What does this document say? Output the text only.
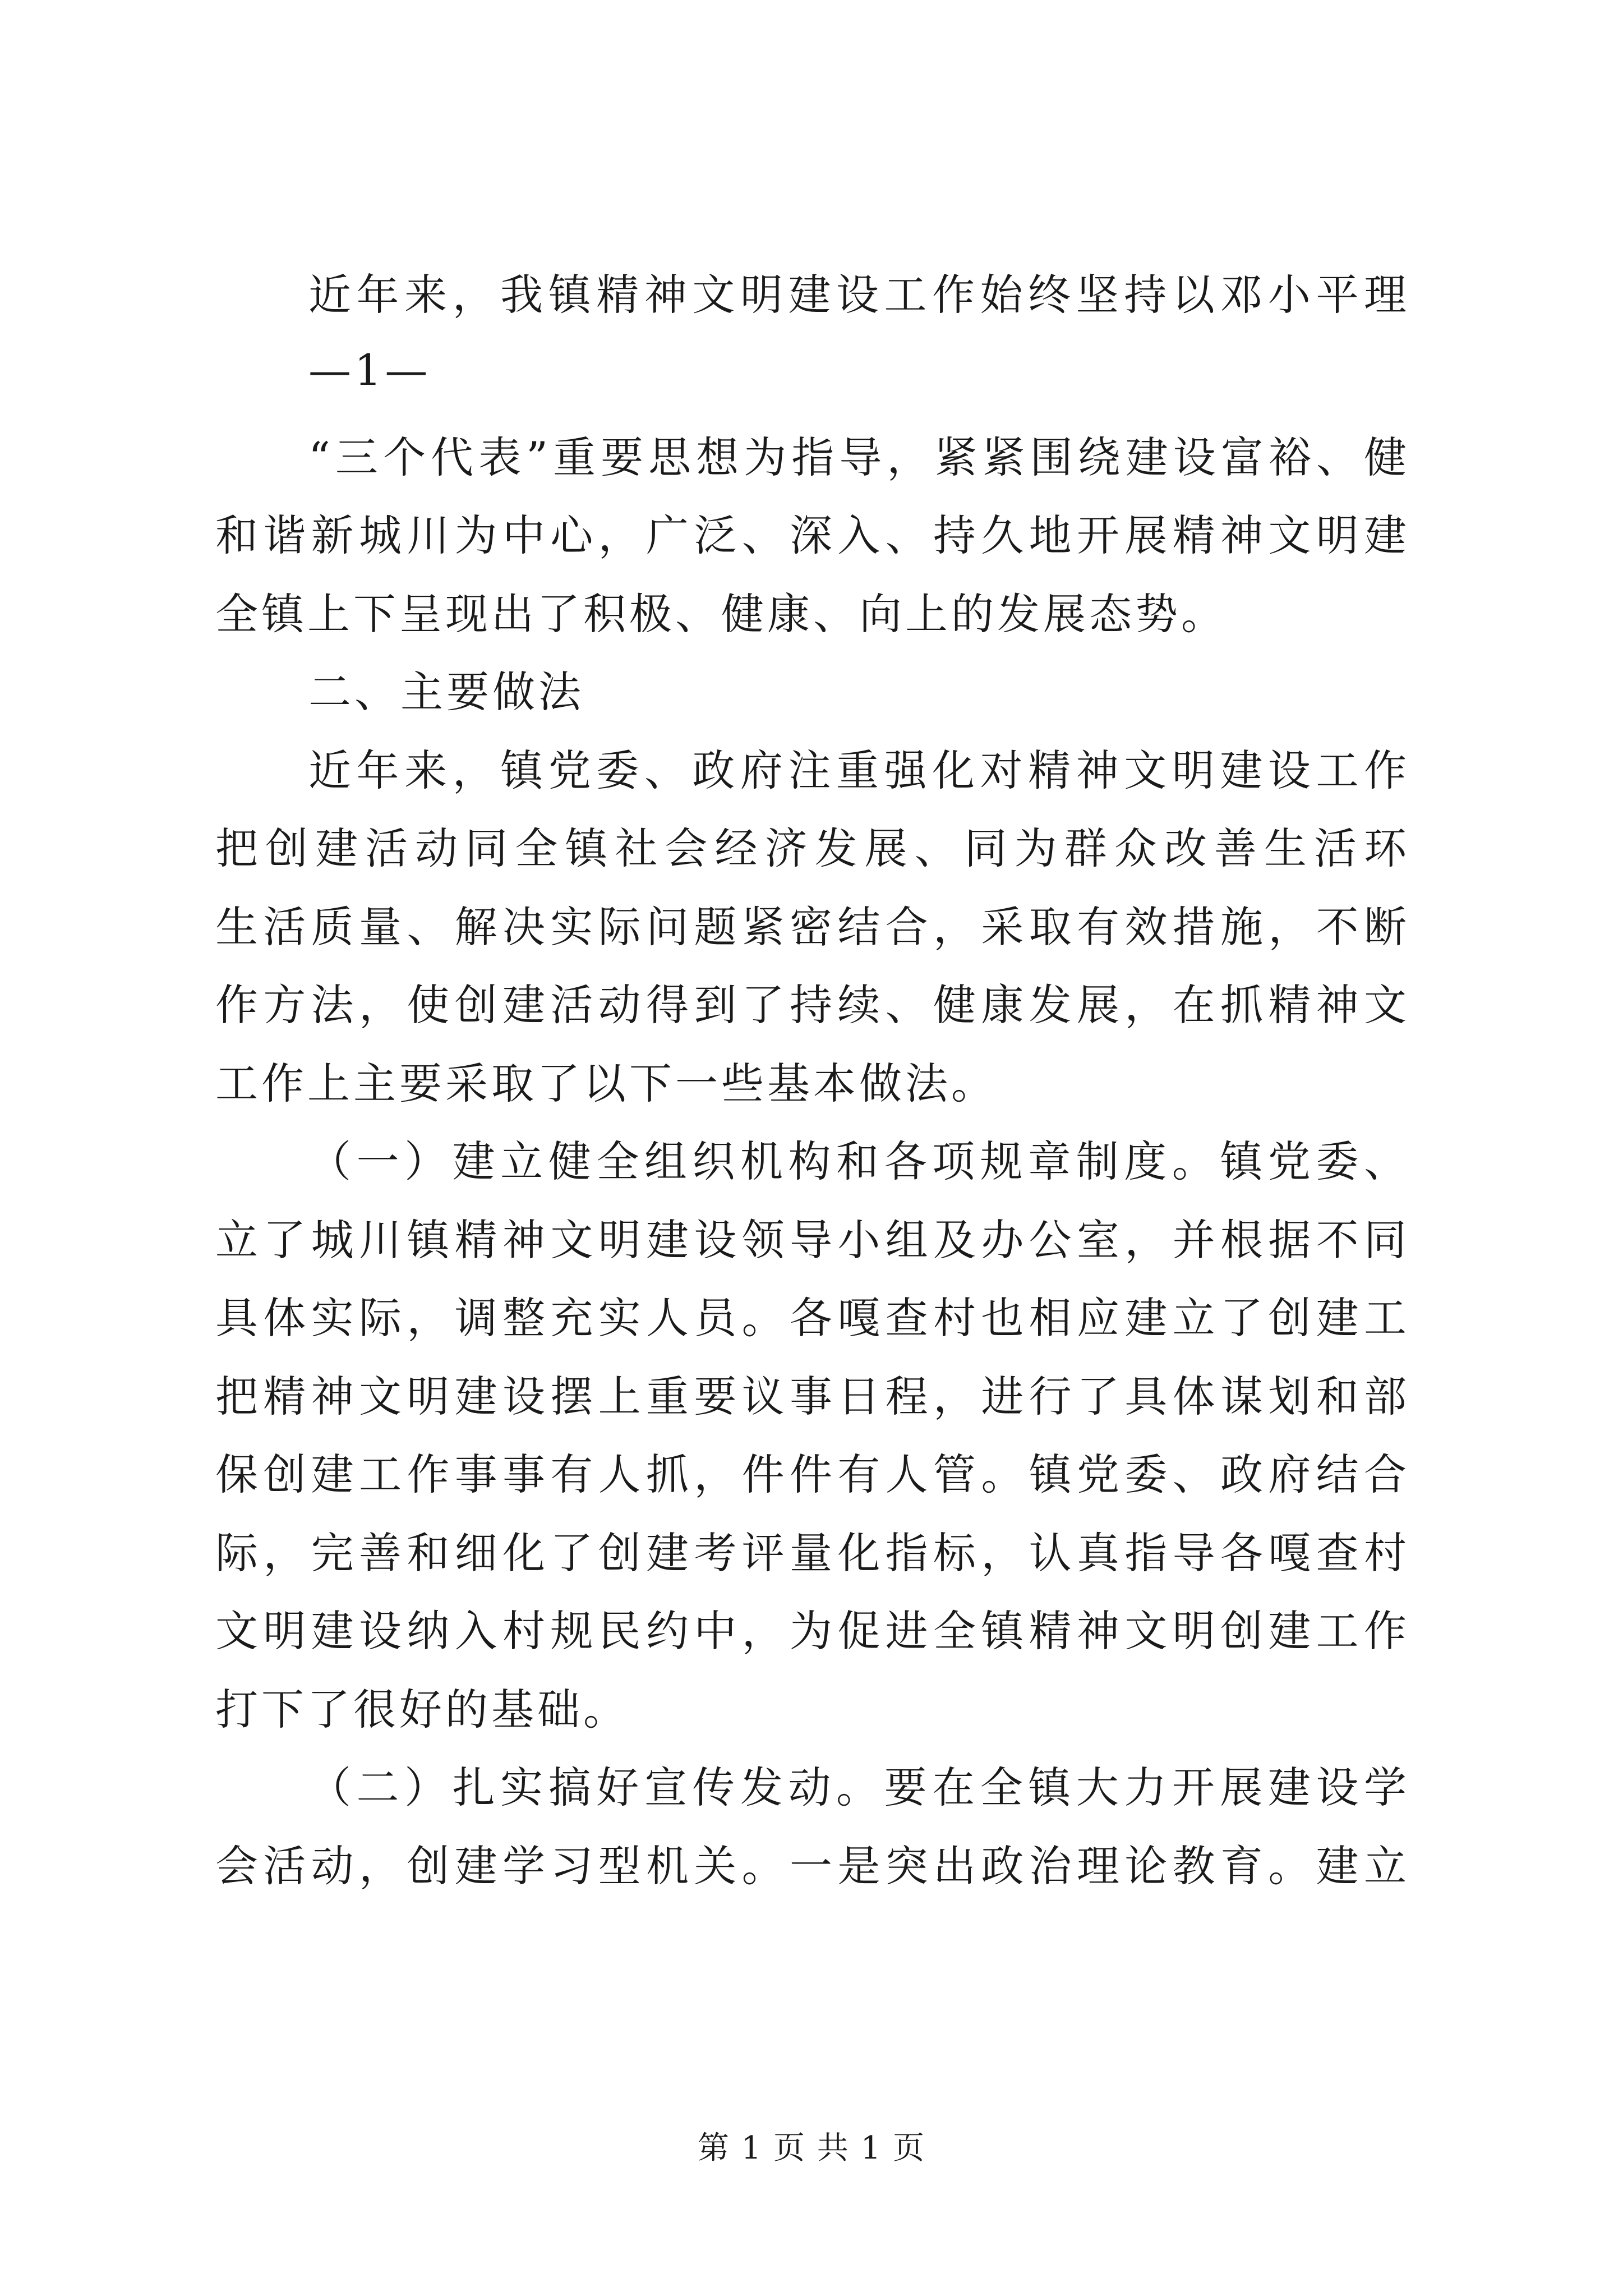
近年来，我镇精神文明建设工作始终坚持以邓小平理

—1—

“三个代表”重要思想为指导，紧紧围绕建设富裕、健

和谐新城川为中心，广泛、深入、持久地开展精神文明建

全镇上下呈现出了积极、健康、向上的发展态势。

二、主要做法

近年来，镇党委、政府注重强化对精神文明建设工作

把创建活动同全镇社会经济发展、同为群众改善生活环

生活质量、解决实际问题紧密结合，采取有效措施，不断

作方法，使创建活动得到了持续、健康发展，在抓精神文

工作上主要采取了以下一些基本做法。

（一）建立健全组织机构和各项规章制度。镇党委、

立了城川镇精神文明建设领导小组及办公室，并根据不同

具体实际，调整充实人员。各嘎查村也相应建立了创建工

把精神文明建设摆上重要议事日程，进行了具体谋划和部

保创建工作事事有人抓，件件有人管。镇党委、政府结合

际，完善和细化了创建考评量化指标，认真指导各嘎查村

文明建设纳入村规民约中，为促进全镇精神文明创建工作

打下了很好的基础。

（二）扎实搞好宣传发动。要在全镇大力开展建设学

会活动，创建学习型机关。一是突出政治理论教育。建立

第 1 页 共 1 页
